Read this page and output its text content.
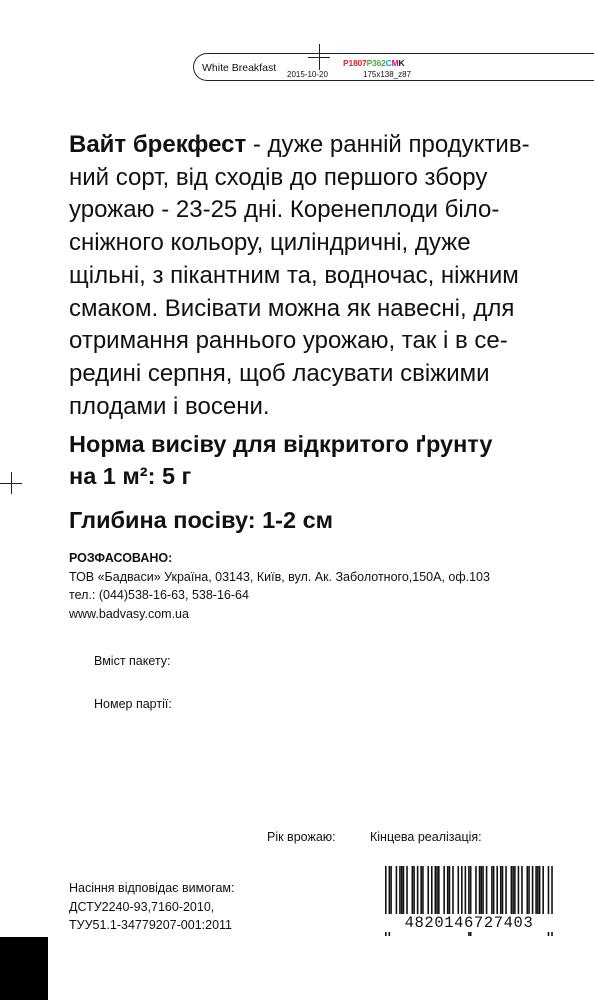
White Breakfast
2015-10-20
P1807P362CMK
175x138_z87
Вайт брекфест - дуже ранній продуктив-
ний сорт, від сходів до першого збору
урожаю - 23-25 дні. Коренеплоди біло-
сніжного кольору, циліндричні, дуже
щільні, з пікантним та, водночас, ніжним
смаком. Висівати можна як навесні, для
отримання раннього урожаю, так і в се-
редині серпня, щоб ласувати свіжими
плодами і восени.
Норма висіву для відкритого ґрунту
на 1 м²: 5 г
Глибина посіву: 1-2 см
РОЗФАСОВАНО:
ТОВ «Бадваси» Україна, 03143, Київ, вул. Ак. Заболотного,150А, оф.103
тел.: (044)538-16-63, 538-16-64
www.badvasy.com.ua
Вміст пакету:
Номер партії:
Рік врожаю:	Кінцева реалізація:
Насіння відповідає вимогам:
ДСТУ2240-93,7160-2010,
ТУУ51.1-34779207-001:2011	4820146727403
